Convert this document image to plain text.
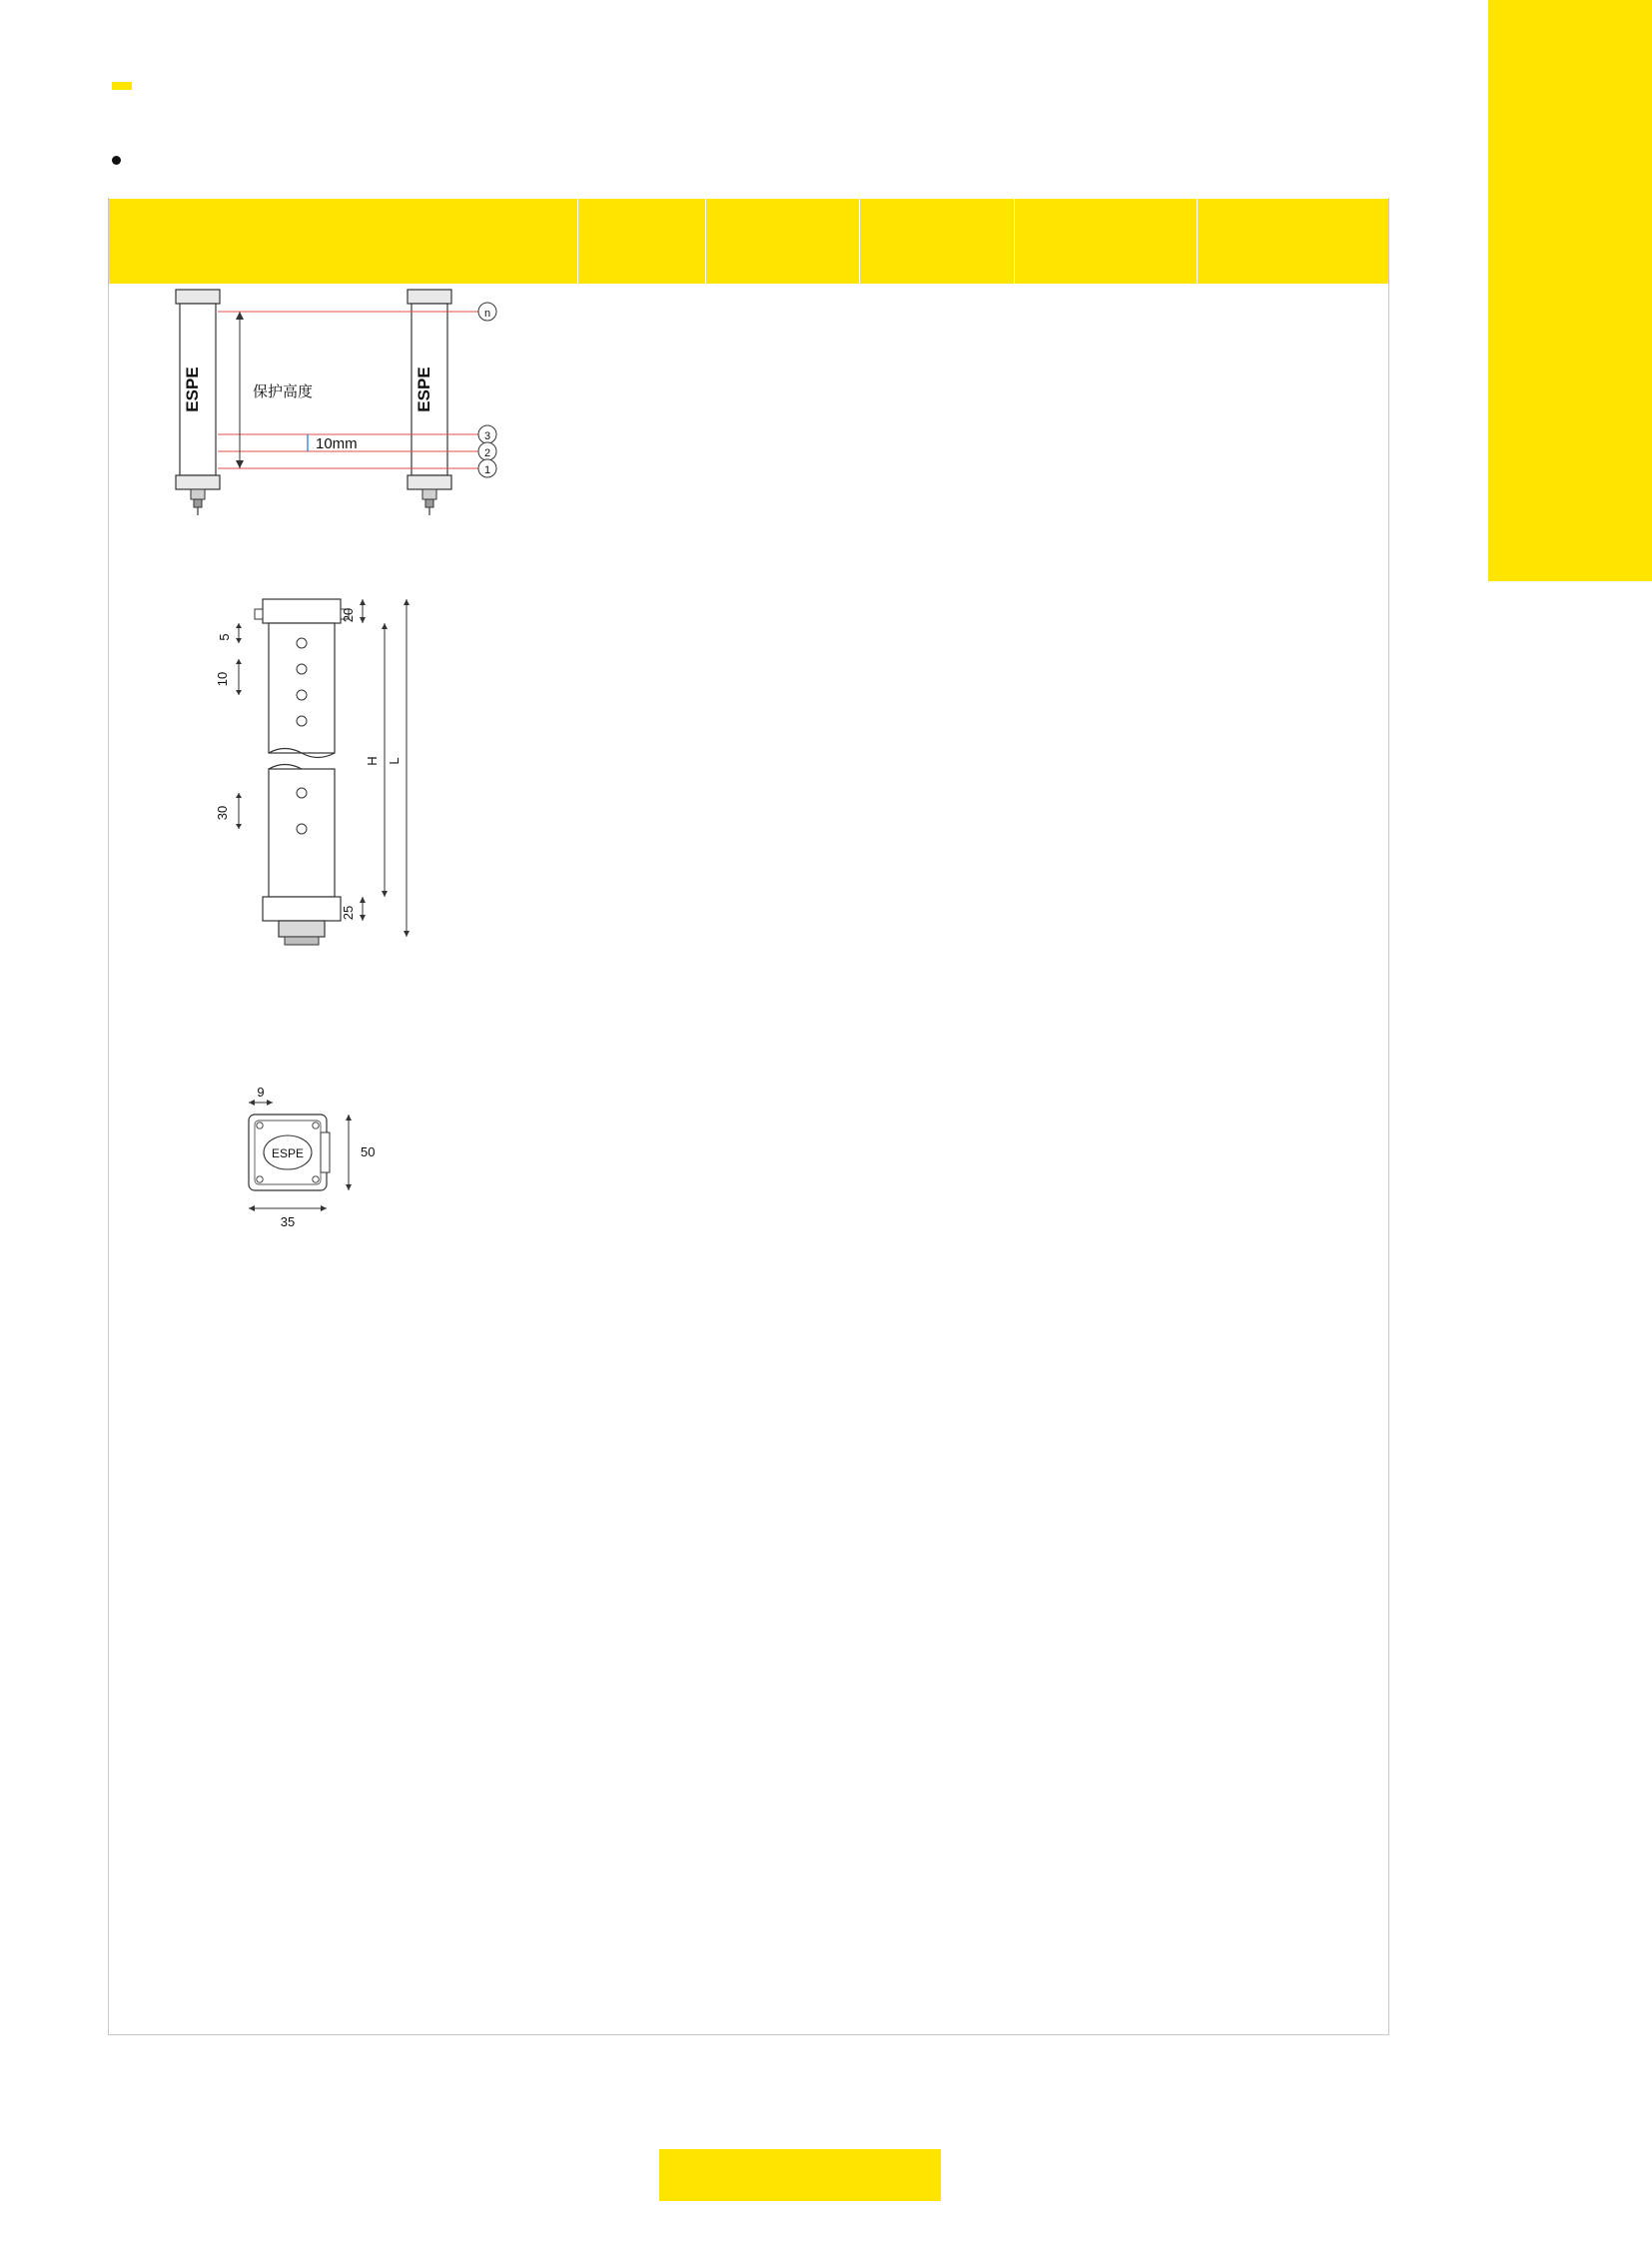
ESPE	ESPE
n
3
2
1
保护高度
10mm
20
H L
25
5
10
30
ESPE
9
50
35
